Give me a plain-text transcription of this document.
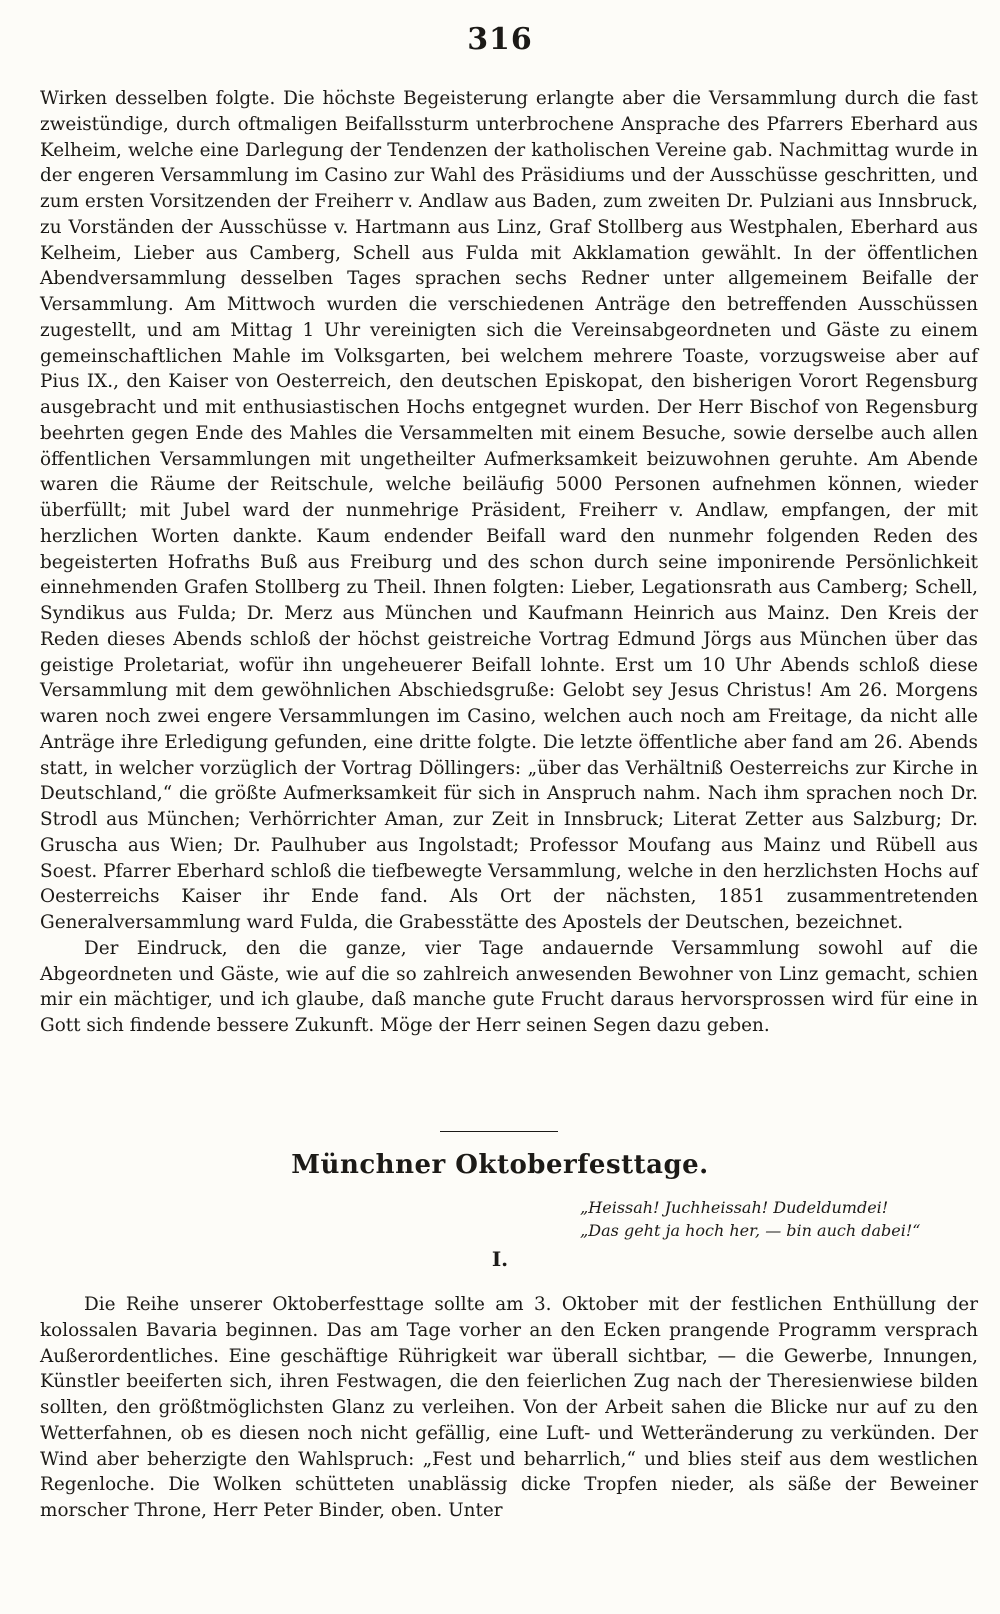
316

Wirken desselben folgte. Die höchste Begeisterung erlangte aber die Versammlung durch die fast zweistündige, durch oftmaligen Beifallssturm unterbrochene Ansprache des Pfarrers Eberhard aus Kelheim, welche eine Darlegung der Tendenzen der katholischen Vereine gab. Nachmittag wurde in der engeren Versammlung im Casino zur Wahl des Präsidiums und der Ausschüsse geschritten, und zum ersten Vorsitzenden der Freiherr v. Andlaw aus Baden, zum zweiten Dr. Pulziani aus Innsbruck, zu Vorständen der Ausschüsse v. Hartmann aus Linz, Graf Stollberg aus Westphalen, Eberhard aus Kelheim, Lieber aus Camberg, Schell aus Fulda mit Akklamation gewählt. In der öffentlichen Abendversammlung desselben Tages sprachen sechs Redner unter allgemeinem Beifalle der Versammlung. Am Mittwoch wurden die verschiedenen Anträge den betreffenden Ausschüssen zugestellt, und am Mittag 1 Uhr vereinigten sich die Vereinsabgeordneten und Gäste zu einem gemeinschaftlichen Mahle im Volksgarten, bei welchem mehrere Toaste, vorzugsweise aber auf Pius IX., den Kaiser von Oesterreich, den deutschen Episkopat, den bisherigen Vorort Regensburg ausgebracht und mit enthusiastischen Hochs entgegnet wurden. Der Herr Bischof von Regensburg beehrten gegen Ende des Mahles die Versammelten mit einem Besuche, sowie derselbe auch allen öffentlichen Versammlungen mit ungetheilter Aufmerksamkeit beizuwohnen geruhte. Am Abende waren die Räume der Reitschule, welche beiläufig 5000 Personen aufnehmen können, wieder überfüllt; mit Jubel ward der nunmehrige Präsident, Freiherr v. Andlaw, empfangen, der mit herzlichen Worten dankte. Kaum endender Beifall ward den nunmehr folgenden Reden des begeisterten Hofraths Buß aus Freiburg und des schon durch seine imponirende Persönlichkeit einnehmenden Grafen Stollberg zu Theil. Ihnen folgten: Lieber, Legationsrath aus Camberg; Schell, Syndikus aus Fulda; Dr. Merz aus München und Kaufmann Heinrich aus Mainz. Den Kreis der Reden dieses Abends schloß der höchst geistreiche Vortrag Edmund Jörgs aus München über das geistige Proletariat, wofür ihn ungeheuerer Beifall lohnte. Erst um 10 Uhr Abends schloß diese Versammlung mit dem gewöhnlichen Abschiedsgruße: Gelobt sey Jesus Christus! Am 26. Morgens waren noch zwei engere Versammlungen im Casino, welchen auch noch am Freitage, da nicht alle Anträge ihre Erledigung gefunden, eine dritte folgte. Die letzte öffentliche aber fand am 26. Abends statt, in welcher vorzüglich der Vortrag Döllingers: „über das Verhältniß Oesterreichs zur Kirche in Deutschland,“ die größte Aufmerksamkeit für sich in Anspruch nahm. Nach ihm sprachen noch Dr. Strodl aus München; Verhörrichter Aman, zur Zeit in Innsbruck; Literat Zetter aus Salzburg; Dr. Gruscha aus Wien; Dr. Paulhuber aus Ingolstadt; Professor Moufang aus Mainz und Rübell aus Soest. Pfarrer Eberhard schloß die tiefbewegte Versammlung, welche in den herzlichsten Hochs auf Oesterreichs Kaiser ihr Ende fand. Als Ort der nächsten, 1851 zusammentretenden Generalversammlung ward Fulda, die Grabesstätte des Apostels der Deutschen, bezeichnet.

Der Eindruck, den die ganze, vier Tage andauernde Versammlung sowohl auf die Abgeordneten und Gäste, wie auf die so zahlreich anwesenden Bewohner von Linz gemacht, schien mir ein mächtiger, und ich glaube, daß manche gute Frucht daraus hervorsprossen wird für eine in Gott sich findende bessere Zukunft. Möge der Herr seinen Segen dazu geben.

Münchner Oktoberfesttage.
„Heissah! Juchheissah! Dudeldumdei!
„Das geht ja hoch her, — bin auch dabei!“
I.

Die Reihe unserer Oktoberfesttage sollte am 3. Oktober mit der festlichen Enthüllung der kolossalen Bavaria beginnen. Das am Tage vorher an den Ecken prangende Programm versprach Außerordentliches. Eine geschäftige Rührigkeit war überall sichtbar, — die Gewerbe, Innungen, Künstler beeiferten sich, ihren Festwagen, die den feierlichen Zug nach der Theresienwiese bilden sollten, den größtmöglichsten Glanz zu verleihen. Von der Arbeit sahen die Blicke nur auf zu den Wetterfahnen, ob es diesen noch nicht gefällig, eine Luft- und Wetteränderung zu verkünden. Der Wind aber beherzigte den Wahlspruch: „Fest und beharrlich,“ und blies steif aus dem westlichen Regenloche. Die Wolken schütteten unablässig dicke Tropfen nieder, als säße der Beweiner morscher Throne, Herr Peter Binder, oben. Unter
